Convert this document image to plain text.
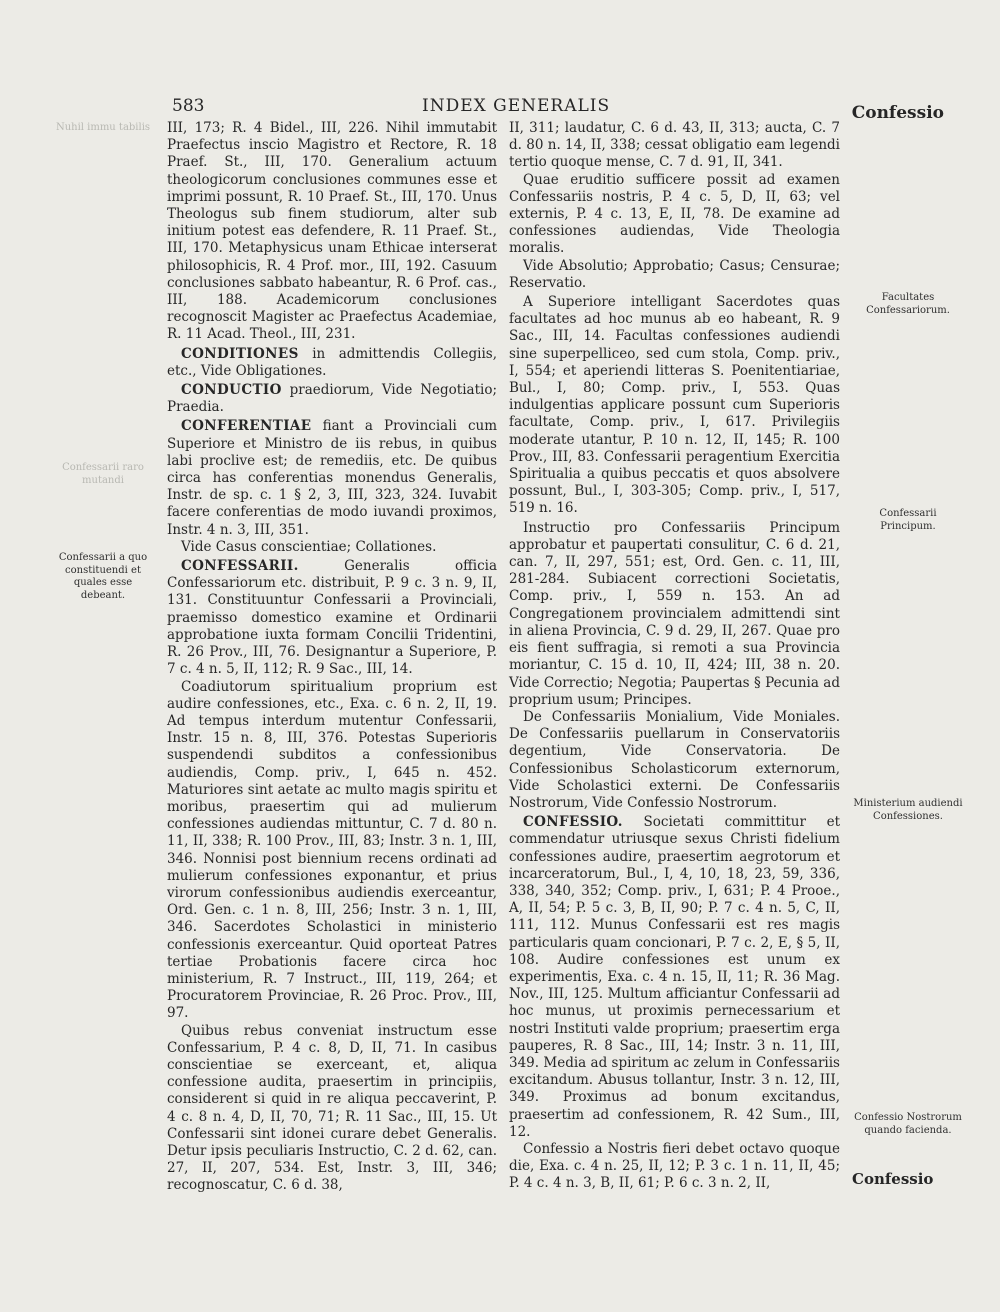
583	INDEX GENERALIS	Confessio
Nuhil immu tabilis
Confessarii raro mutandi
Confessarii a quo constituendi et quales esse debeant.
Facultates Confessariorum.
Confessarii Principum.
Ministerium audiendi Confessiones.
Confessio Nostrorum quando facienda.

III, 173; R. 4 Bidel., III, 226. Nihil immutabit Praefectus inscio Magistro et Rectore, R. 18 Praef. St., III, 170. Generalium actuum theologicorum conclusiones communes esse et imprimi possunt, R. 10 Praef. St., III, 170. Unus Theologus sub finem studiorum, alter sub initium potest eas defendere, R. 11 Praef. St., III, 170. Metaphysicus unam Ethicae interserat philosophicis, R. 4 Prof. mor., III, 192. Casuum conclusiones sabbato habeantur, R. 6 Prof. cas., III, 188. Academicorum conclusiones recognoscit Magister ac Praefectus Academiae, R. 11 Acad. Theol., III, 231.

CONDITIONES in admittendis Collegiis, etc., Vide Obligationes.

CONDUCTIO praediorum, Vide Negotiatio; Praedia.

CONFERENTIAE fiant a Provinciali cum Superiore et Ministro de iis rebus, in quibus labi proclive est; de remediis, etc. De quibus circa has conferentias monendus Generalis, Instr. de sp. c. 1 § 2, 3, III, 323, 324. Iuvabit facere conferentias de modo iuvandi proximos, Instr. 4 n. 3, III, 351.

Vide Casus conscientiae; Collationes.

CONFESSARII. Generalis officia Confessariorum etc. distribuit, P. 9 c. 3 n. 9, II, 131. Constituuntur Confessarii a Provinciali, praemisso domestico examine et Ordinarii approbatione iuxta formam Concilii Tridentini, R. 26 Prov., III, 76. Designantur a Superiore, P. 7 c. 4 n. 5, II, 112; R. 9 Sac., III, 14.

Coadiutorum spiritualium proprium est audire confessiones, etc., Exa. c. 6 n. 2, II, 19. Ad tempus interdum mutentur Confessarii, Instr. 15 n. 8, III, 376. Potestas Superioris suspendendi subditos a confessionibus audiendis, Comp. priv., I, 645 n. 452. Maturiores sint aetate ac multo magis spiritu et moribus, praesertim qui ad mulierum confessiones audiendas mittuntur, C. 7 d. 80 n. 11, II, 338; R. 100 Prov., III, 83; Instr. 3 n. 1, III, 346. Nonnisi post biennium recens ordinati ad mulierum confessiones exponantur, et prius virorum confessionibus audiendis exerceantur, Ord. Gen. c. 1 n. 8, III, 256; Instr. 3 n. 1, III, 346. Sacerdotes Scholastici in ministerio confessionis exerceantur. Quid oporteat Patres tertiae Probationis facere circa hoc ministerium, R. 7 Instruct., III, 119, 264; et Procuratorem Provinciae, R. 26 Proc. Prov., III, 97.

Quibus rebus conveniat instructum esse Confessarium, P. 4 c. 8, D, II, 71. In casibus conscientiae se exerceant, et, aliqua confessione audita, praesertim in principiis, considerent si quid in re aliqua peccaverint, P. 4 c. 8 n. 4, D, II, 70, 71; R. 11 Sac., III, 15. Ut Confessarii sint idonei curare debet Generalis. Detur ipsis peculiaris Instructio, C. 2 d. 62, can. 27, II, 207, 534. Est, Instr. 3, III, 346; recognoscatur, C. 6 d. 38,

II, 311; laudatur, C. 6 d. 43, II, 313; aucta, C. 7 d. 80 n. 14, II, 338; cessat obligatio eam legendi tertio quoque mense, C. 7 d. 91, II, 341.

Quae eruditio sufficere possit ad examen Confessariis nostris, P. 4 c. 5, D, II, 63; vel externis, P. 4 c. 13, E, II, 78. De examine ad confessiones audiendas, Vide Theologia moralis.

Vide Absolutio; Approbatio; Casus; Censurae; Reservatio.

A Superiore intelligant Sacerdotes quas facultates ad hoc munus ab eo habeant, R. 9 Sac., III, 14. Facultas confessiones audiendi sine superpelliceo, sed cum stola, Comp. priv., I, 554; et aperiendi litteras S. Poenitentiariae, Bul., I, 80; Comp. priv., I, 553. Quas indulgentias applicare possunt cum Superioris facultate, Comp. priv., I, 617. Privilegiis moderate utantur, P. 10 n. 12, II, 145; R. 100 Prov., III, 83. Confessarii peragentium Exercitia Spiritualia a quibus peccatis et quos absolvere possunt, Bul., I, 303-305; Comp. priv., I, 517, 519 n. 16.

Instructio pro Confessariis Principum approbatur et paupertati consulitur, C. 6 d. 21, can. 7, II, 297, 551; est, Ord. Gen. c. 11, III, 281-284. Subiacent correctioni Societatis, Comp. priv., I, 559 n. 153. An ad Congregationem provincialem admittendi sint in aliena Provincia, C. 9 d. 29, II, 267. Quae pro eis fient suffragia, si remoti a sua Provincia moriantur, C. 15 d. 10, II, 424; III, 38 n. 20. Vide Correctio; Negotia; Paupertas § Pecunia ad proprium usum; Principes.

De Confessariis Monialium, Vide Moniales. De Confessariis puellarum in Conservatoriis degentium, Vide Conservatoria. De Confessionibus Scholasticorum externorum, Vide Scholastici externi. De Confessariis Nostrorum, Vide Confessio Nostrorum.

CONFESSIO. Societati committitur et commendatur utriusque sexus Christi fidelium confessiones audire, praesertim aegrotorum et incarceratorum, Bul., I, 4, 10, 18, 23, 59, 336, 338, 340, 352; Comp. priv., I, 631; P. 4 Prooe., A, II, 54; P. 5 c. 3, B, II, 90; P. 7 c. 4 n. 5, C, II, 111, 112. Munus Confessarii est res magis particularis quam concionari, P. 7 c. 2, E, § 5, II, 108. Audire confessiones est unum ex experimentis, Exa. c. 4 n. 15, II, 11; R. 36 Mag. Nov., III, 125. Multum afficiantur Confessarii ad hoc munus, ut proximis pernecessarium et nostri Instituti valde proprium; praesertim erga pauperes, R. 8 Sac., III, 14; Instr. 3 n. 11, III, 349. Media ad spiritum ac zelum in Confessariis excitandum. Abusus tollantur, Instr. 3 n. 12, III, 349. Proximus ad bonum excitandus, praesertim ad confessionem, R. 42 Sum., III, 12.

Confessio a Nostris fieri debet octavo quoque die, Exa. c. 4 n. 25, II, 12; P. 3 c. 1 n. 11, II, 45; P. 4 c. 4 n. 3, B, II, 61; P. 6 c. 3 n. 2, II,	Confessio
